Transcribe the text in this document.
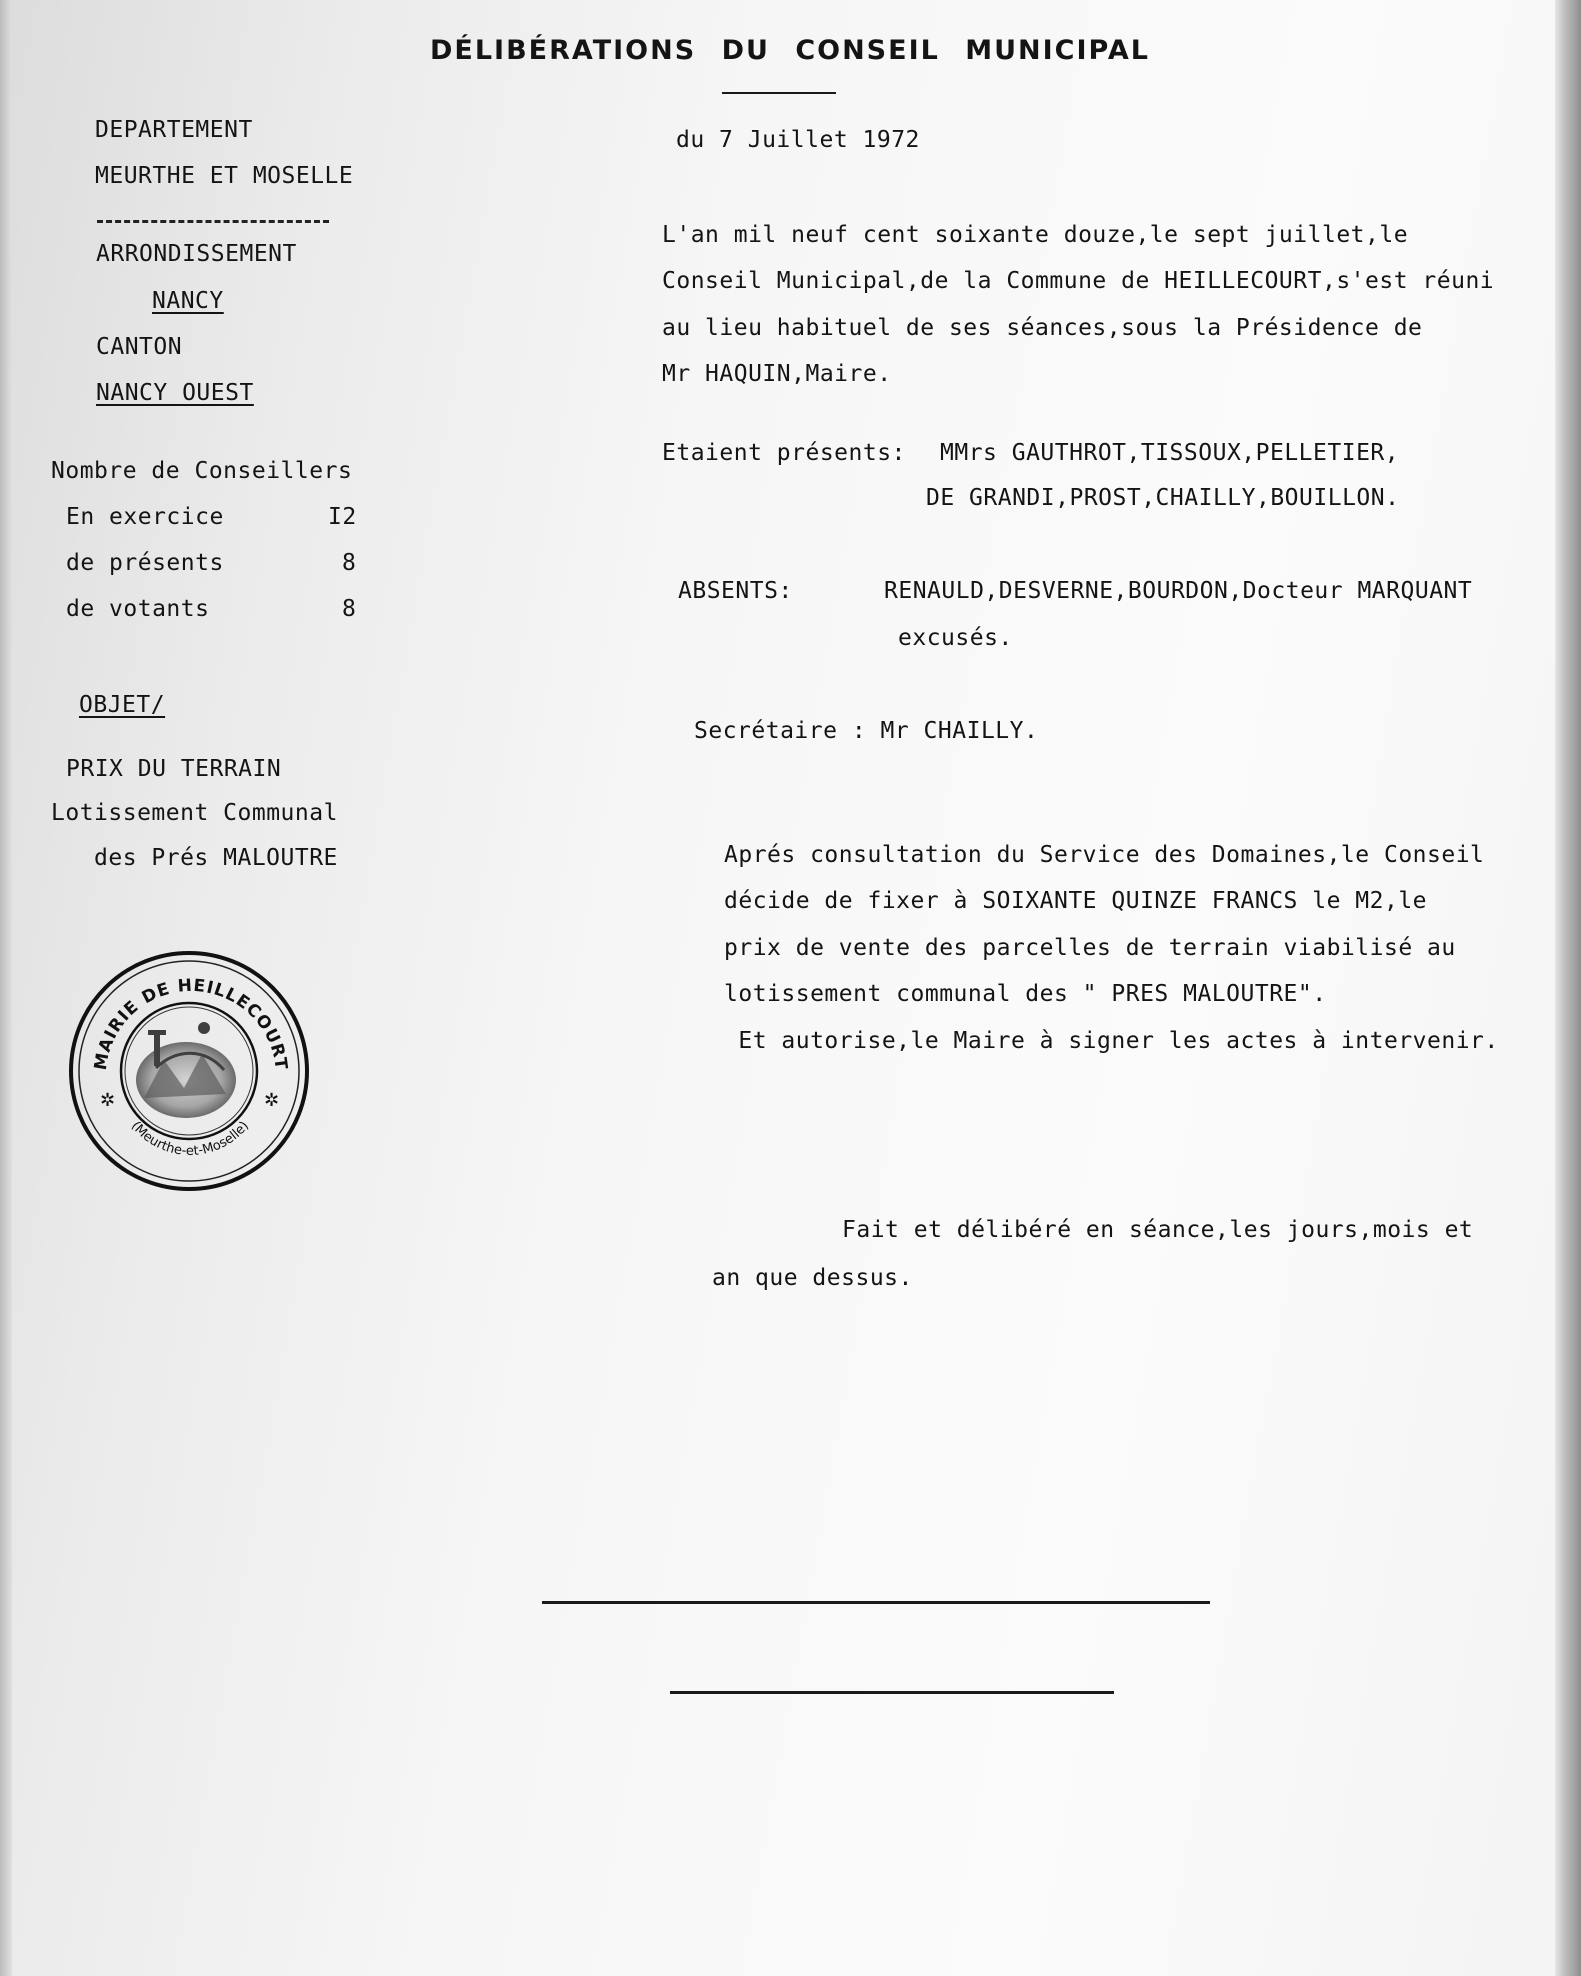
DÉLIBÉRATIONS DU CONSEIL MUNICIPAL
DEPARTEMENT
MEURTHE ET MOSELLE
ARRONDISSEMENT
NANCY
CANTON
NANCY OUEST
Nombre de Conseillers
En exercice	I2
de présents	8
de votants	8
OBJET/
PRIX DU TERRAIN
Lotissement Communal
des Prés MALOUTRE
MAIRIE DE HEILLECOURT
(Meurthe-et-Moselle)
✲	✲
du 7 Juillet 1972
L'an mil neuf cent soixante douze,le sept juillet,le
Conseil Municipal,de la Commune de HEILLECOURT,s'est réuni
au lieu habituel de ses séances,sous la Présidence de
Mr HAQUIN,Maire.
Etaient présents: MMrs GAUTHROT,TISSOUX,PELLETIER,
DE GRANDI,PROST,CHAILLY,BOUILLON.
ABSENTS:	RENAULD,DESVERNE,BOURDON,Docteur MARQUANT
excusés.
Secrétaire : Mr CHAILLY.
Aprés consultation du Service des Domaines,le Conseil
décide de fixer à SOIXANTE QUINZE FRANCS le M2,le
prix de vente des parcelles de terrain viabilisé au
lotissement communal des " PRES MALOUTRE".
Et autorise,le Maire à signer les actes à intervenir.
Fait et délibéré en séance,les jours,mois et
an que dessus.
